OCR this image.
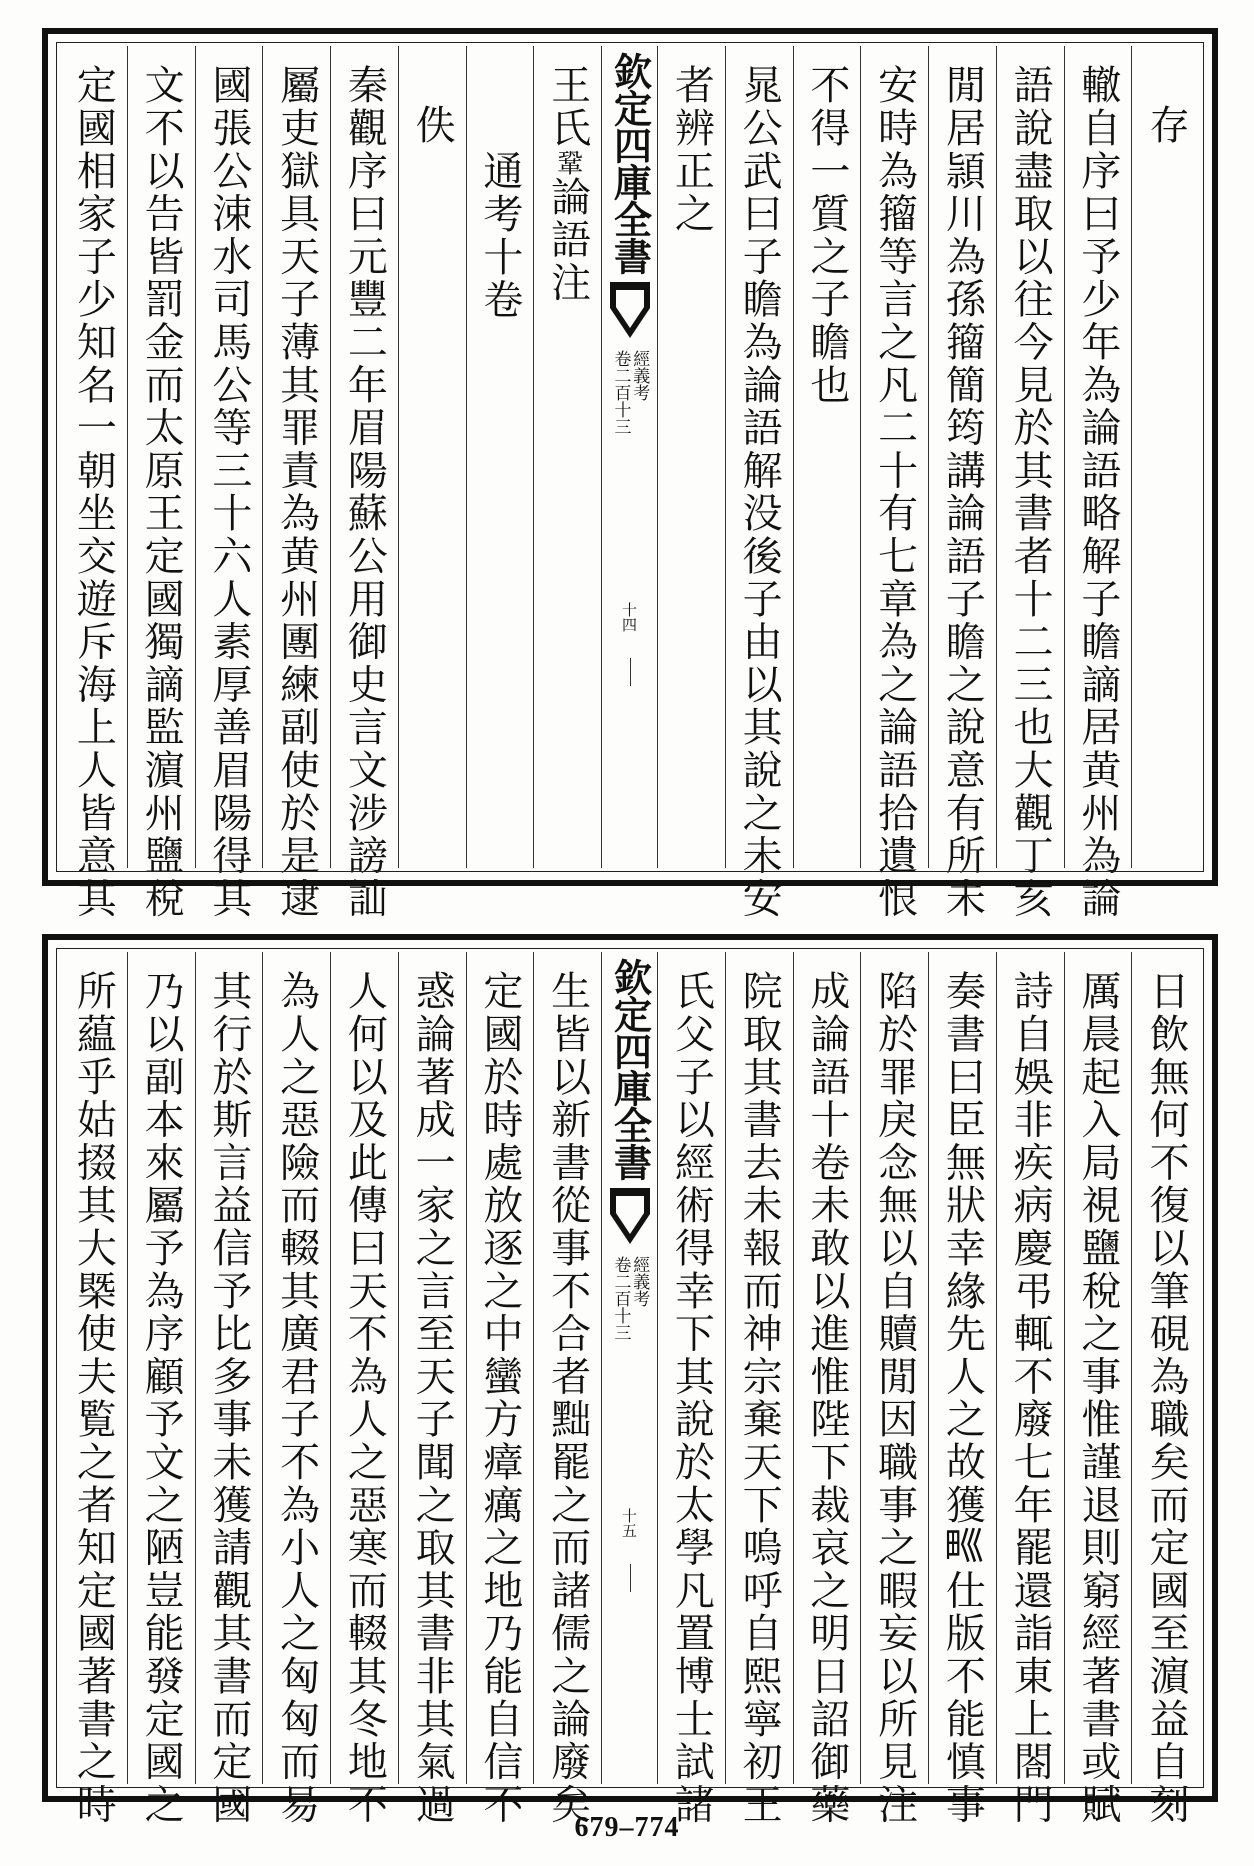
存
轍自序曰予少年為論語略解子瞻謫居黄州為論
語說盡取以往今見於其書者十二三也大觀丁亥
閒居頴川為孫籀簡筠講論語子瞻之說意有所未
安時為籀等言之凡二十有七章為之論語拾遺恨
不得一質之子瞻也
晁公武曰子瞻為論語解没後子由以其說之未安
者辨正之
欽定四庫全書
經義考
卷二百十三
十四
王氏鞏論語注
通考十卷
佚
秦觀序曰元豐二年眉陽蘇公用御史言文涉謗訕
屬吏獄具天子薄其罪責為黄州團練副使於是逮
國張公涑水司馬公等三十六人素厚善眉陽得其
文不以告皆罰金而太原王定國獨謫監濵州鹽稅
定國相家子少知名一朝坐交遊斥海上人皆意其
日飲無何不復以筆硯為職矣而定國至濵益自刻
厲晨起入局視鹽稅之事惟謹退則窮經著書或賦
詩自娛非疾病慶弔輒不廢七年罷還詣東上閤門
奏書曰臣無狀幸緣先人之故獲𤰝仕版不能慎事
陷於罪戾念無以自贖閒因職事之暇妄以所見注
成論語十卷未敢以進惟陛下裁哀之明日詔御藥
院取其書去未報而神宗棄天下嗚呼自熙寧初王
氏父子以經術得幸下其說於太學凡置博士試諸
欽定四庫全書
經義考
卷二百十三
十五
生皆以新書從事不合者黜罷之而諸儒之論廢矣
定國於時處放逐之中蠻方瘴癘之地乃能自信不
惑論著成一家之言至天子聞之取其書非其氣過
人何以及此傳曰天不為人之惡寒而輟其冬地不
為人之惡險而輟其廣君子不為小人之匈匈而易
其行於斯言益信予比多事未獲請觀其書而定國
乃以副本來屬予為序顧予文之陋豈能發定國之
所藴乎姑掇其大槩使夫覧之者知定國著書之時
679–774
